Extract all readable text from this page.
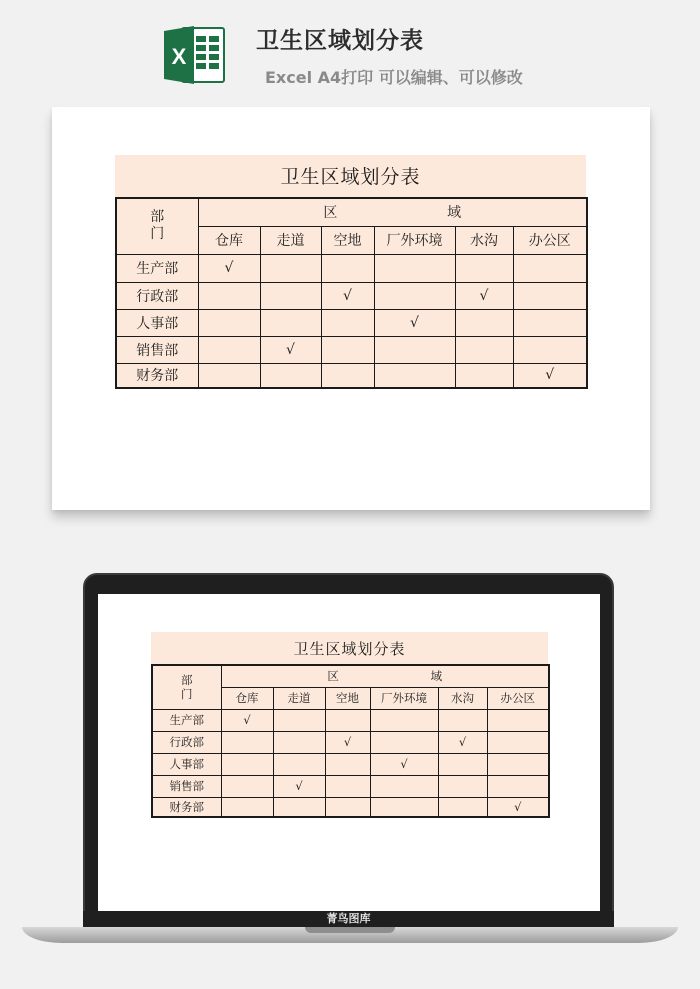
X
卫生区域划分表
Excel A4打印 可以编辑、可以修改
卫生区域划分表
部
门	区 域					

	仓库	走道	空地	厂外环境	水沟	办公区
生产部	√					
行政部			√		√	
人事部				√		
销售部		√				
财务部						√
卫生区域划分表
部
门	区 域					

	仓库	走道	空地	厂外环境	水沟	办公区
生产部	√					
行政部			√		√	
人事部				√		
销售部		√				
财务部						√
菁鸟图库
